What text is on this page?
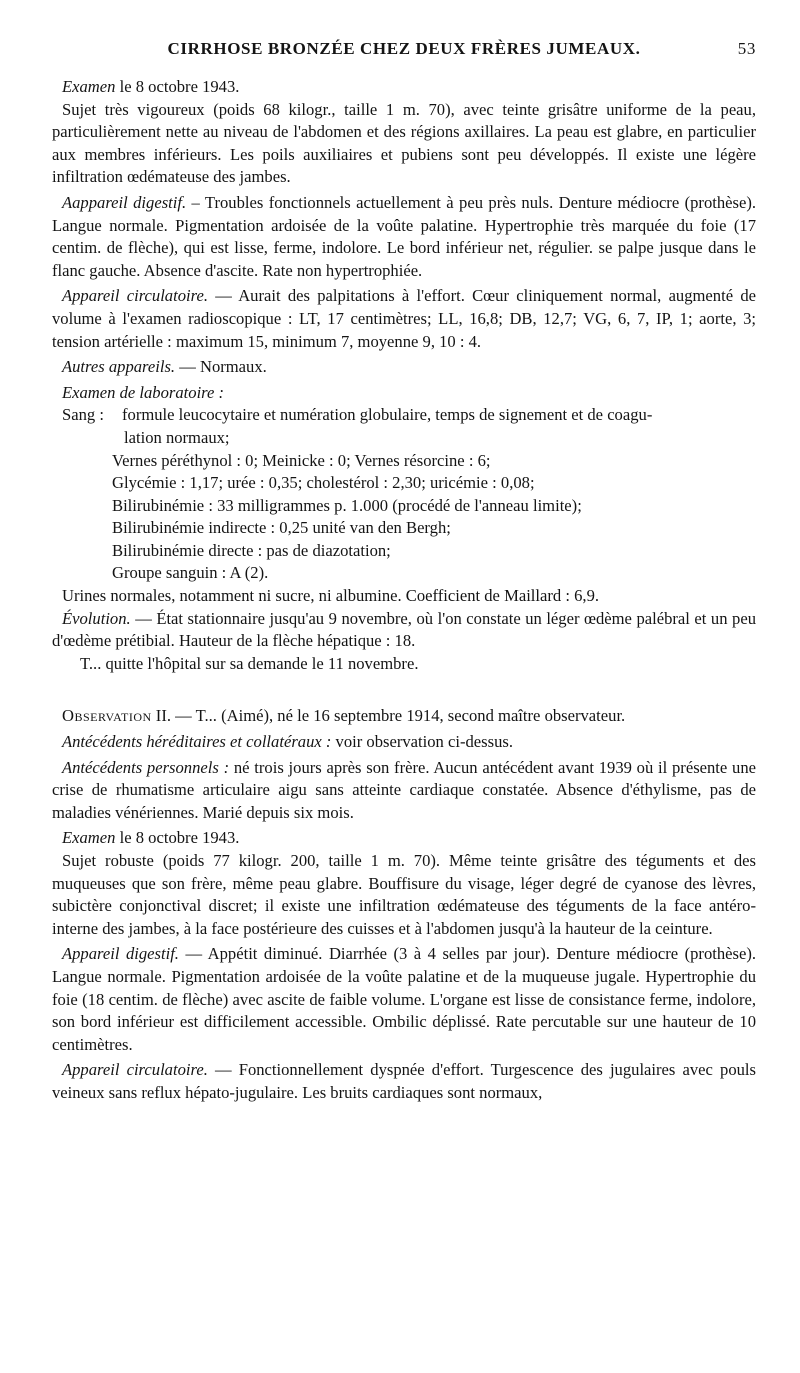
CIRRHOSE BRONZÉE CHEZ DEUX FRÈRES JUMEAUX.	53

Examen le 8 octobre 1943.

Sujet très vigoureux (poids 68 kilogr., taille 1 m. 70), avec teinte grisâtre uniforme de la peau, particulièrement nette au niveau de l'abdomen et des régions axillaires. La peau est glabre, en particulier aux membres inférieurs. Les poils auxiliaires et pubiens sont peu développés. Il existe une légère infiltration œdémateuse des jambes.

Aappareil digestif. – Troubles fonctionnels actuellement à peu près nuls. Denture médiocre (prothèse). Langue normale. Pigmentation ardoisée de la voûte palatine. Hypertrophie très marquée du foie (17 centim. de flèche), qui est lisse, ferme, indolore. Le bord inférieur net, régulier. se palpe jusque dans le flanc gauche. Absence d'ascite. Rate non hypertrophiée.

Appareil circulatoire. — Aurait des palpitations à l'effort. Cœur cliniquement normal, augmenté de volume à l'examen radioscopique : LT, 17 centimètres; LL, 16,8; DB, 12,7; VG, 6, 7, IP, 1; aorte, 3; tension artérielle : maximum 15, minimum 7, moyenne 9, 10 : 4.

Autres appareils. — Normaux.

Examen de laboratoire :

Sang :	formule leucocytaire et numération globulaire, temps de signement et de coagu-
lation normaux;
Vernes péréthynol : 0; Meinicke : 0; Vernes résorcine : 6;
Glycémie : 1,17; urée : 0,35; cholestérol : 2,30; uricémie : 0,08;
Bilirubinémie : 33 milligrammes p. 1.000 (procédé de l'anneau limite);
Bilirubinémie indirecte : 0,25 unité van den Bergh;
Bilirubinémie directe : pas de diazotation;
Groupe sanguin : A (2).

Urines normales, notamment ni sucre, ni albumine. Coefficient de Maillard : 6,9.

Évolution. — État stationnaire jusqu'au 9 novembre, où l'on constate un léger œdème palébral et un peu d'œdème prétibial. Hauteur de la flèche hépatique : 18.

T... quitte l'hôpital sur sa demande le 11 novembre.

Observation II. — T... (Aimé), né le 16 septembre 1914, second maître observateur.

Antécédents héréditaires et collatéraux : voir observation ci-dessus.

Antécédents personnels : né trois jours après son frère. Aucun antécédent avant 1939 où il présente une crise de rhumatisme articulaire aigu sans atteinte cardiaque constatée. Absence d'éthylisme, pas de maladies vénériennes. Marié depuis six mois.

Examen le 8 octobre 1943.

Sujet robuste (poids 77 kilogr. 200, taille 1 m. 70). Même teinte grisâtre des téguments et des muqueuses que son frère, même peau glabre. Bouffisure du visage, léger degré de cyanose des lèvres, subictère conjonctival discret; il existe une infiltration œdémateuse des téguments de la face antéro-interne des jambes, à la face postérieure des cuisses et à l'abdomen jusqu'à la hauteur de la ceinture.

Appareil digestif. — Appétit diminué. Diarrhée (3 à 4 selles par jour). Denture médiocre (prothèse). Langue normale. Pigmentation ardoisée de la voûte palatine et de la muqueuse jugale. Hypertrophie du foie (18 centim. de flèche) avec ascite de faible volume. L'organe est lisse de consistance ferme, indolore, son bord inférieur est difficilement accessible. Ombilic déplissé. Rate percutable sur une hauteur de 10 centimètres.

Appareil circulatoire. — Fonctionnellement dyspnée d'effort. Turgescence des jugulaires avec pouls veineux sans reflux hépato-jugulaire. Les bruits cardiaques sont normaux,
